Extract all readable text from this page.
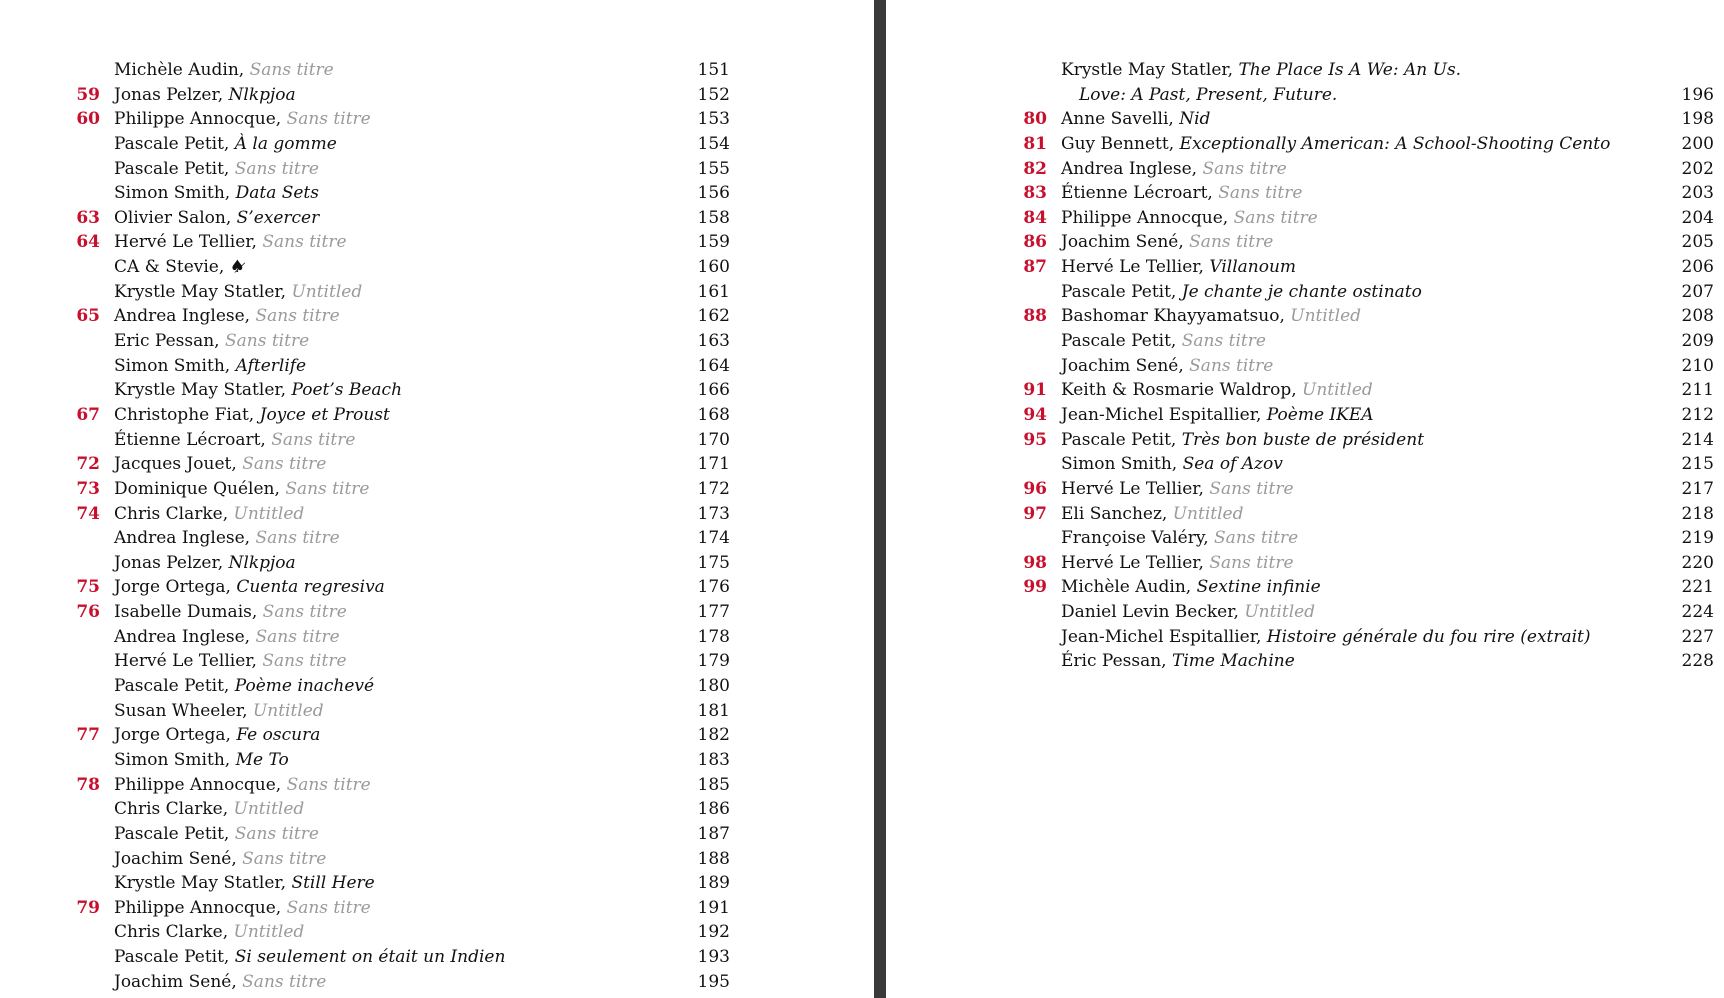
Michèle Audin, Sans titre	151
59 Jonas Pelzer, Nlkpjoa	152
60 Philippe Annocque, Sans titre	153
Pascale Petit, À la gomme	154
Pascale Petit, Sans titre	155
Simon Smith, Data Sets	156
63 Olivier Salon, S’exercer	158
64 Hervé Le Tellier, Sans titre	159
CA & Stevie, ♠̷	160
Krystle May Statler, Untitled	161
65 Andrea Inglese, Sans titre	162
Eric Pessan, Sans titre	163
Simon Smith, Afterlife	164
Krystle May Statler, Poet’s Beach	166
67 Christophe Fiat, Joyce et Proust	168
Étienne Lécroart, Sans titre	170
72 Jacques Jouet, Sans titre	171
73 Dominique Quélen, Sans titre	172
74 Chris Clarke, Untitled	173
Andrea Inglese, Sans titre	174
Jonas Pelzer, Nlkpjoa	175
75 Jorge Ortega, Cuenta regresiva	176
76 Isabelle Dumais, Sans titre	177
Andrea Inglese, Sans titre	178
Hervé Le Tellier, Sans titre	179
Pascale Petit, Poème inachevé	180
Susan Wheeler, Untitled	181
77 Jorge Ortega, Fe oscura	182
Simon Smith, Me To	183
78 Philippe Annocque, Sans titre	185
Chris Clarke, Untitled	186
Pascale Petit, Sans titre	187
Joachim Sené, Sans titre	188
Krystle May Statler, Still Here	189
79 Philippe Annocque, Sans titre	191
Chris Clarke, Untitled	192
Pascale Petit, Si seulement on était un Indien	193
Joachim Sené, Sans titre	195
Krystle May Statler, The Place Is A We: An Us.
Love: A Past, Present, Future.	196
80 Anne Savelli, Nid	198
81 Guy Bennett, Exceptionally American: A School-Shooting Cento	200
82 Andrea Inglese, Sans titre	202
83 Étienne Lécroart, Sans titre	203
84 Philippe Annocque, Sans titre	204
86 Joachim Sené, Sans titre	205
87 Hervé Le Tellier, Villanoum	206
Pascale Petit, Je chante je chante ostinato	207
88 Bashomar Khayyamatsuo, Untitled	208
Pascale Petit, Sans titre	209
Joachim Sené, Sans titre	210
91 Keith & Rosmarie Waldrop, Untitled	211
94 Jean-Michel Espitallier, Poème IKEA	212
95 Pascale Petit, Très bon buste de président	214
Simon Smith, Sea of Azov	215
96 Hervé Le Tellier, Sans titre	217
97 Eli Sanchez, Untitled	218
Françoise Valéry, Sans titre	219
98 Hervé Le Tellier, Sans titre	220
99 Michèle Audin, Sextine infinie	221
Daniel Levin Becker, Untitled	224
Jean-Michel Espitallier, Histoire générale du fou rire (extrait)	227
Éric Pessan, Time Machine	228
